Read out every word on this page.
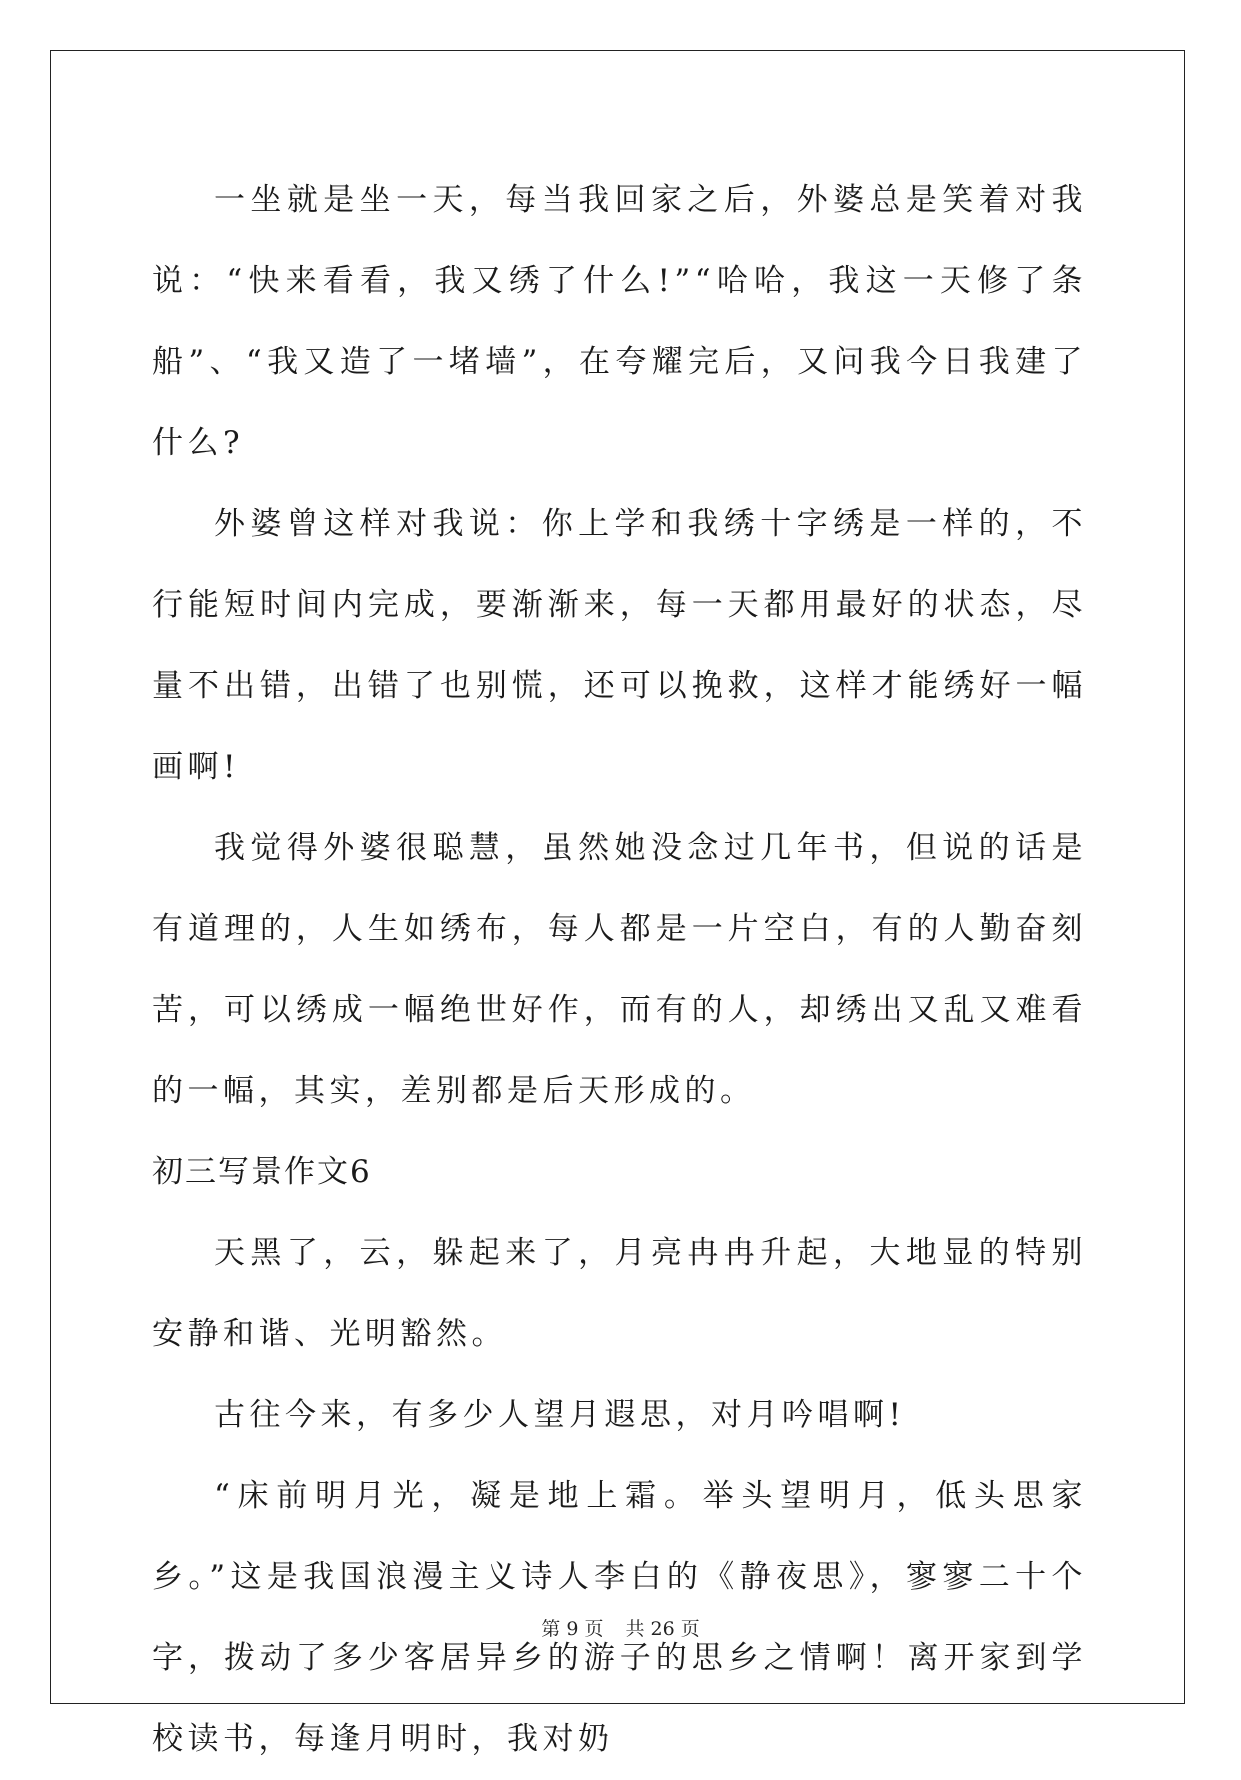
一坐就是坐一天，每当我回家之后，外婆总是笑着对我说：“快来看看，我又绣了什么!”“哈哈，我这一天修了条船”、“我又造了一堵墙”，在夸耀完后，又问我今日我建了什么?

外婆曾这样对我说：你上学和我绣十字绣是一样的，不行能短时间内完成，要渐渐来，每一天都用最好的状态，尽量不出错，出错了也别慌，还可以挽救，这样才能绣好一幅画啊!

我觉得外婆很聪慧，虽然她没念过几年书，但说的话是有道理的，人生如绣布，每人都是一片空白，有的人勤奋刻苦，可以绣成一幅绝世好作，而有的人，却绣出又乱又难看的一幅，其实，差别都是后天形成的。

初三写景作文6

天黑了，云，躲起来了，月亮冉冉升起，大地显的特别安静和谐、光明豁然。

古往今来，有多少人望月遐思，对月吟唱啊!

“床前明月光，凝是地上霜。举头望明月，低头思家乡。”这是我国浪漫主义诗人李白的《静夜思》，寥寥二十个字，拨动了多少客居异乡的游子的思乡之情啊！离开家到学校读书，每逢月明时，我对奶

第 9 页 共 26 页
